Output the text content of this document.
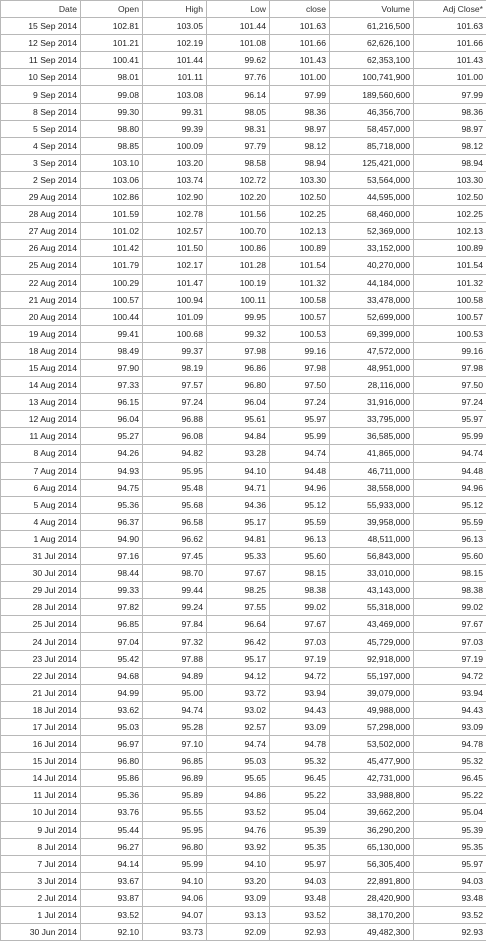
Date	Open	High	Low	close	Volume	Adj Close*
15 Sep 2014	102.81	103.05	101.44	101.63	61,216,500	101.63
12 Sep 2014	101.21	102.19	101.08	101.66	62,626,100	101.66
11 Sep 2014	100.41	101.44	99.62	101.43	62,353,100	101.43
10 Sep 2014	98.01	101.11	97.76	101.00	100,741,900	101.00
9 Sep 2014	99.08	103.08	96.14	97.99	189,560,600	97.99
8 Sep 2014	99.30	99.31	98.05	98.36	46,356,700	98.36
5 Sep 2014	98.80	99.39	98.31	98.97	58,457,000	98.97
4 Sep 2014	98.85	100.09	97.79	98.12	85,718,000	98.12
3 Sep 2014	103.10	103.20	98.58	98.94	125,421,000	98.94
2 Sep 2014	103.06	103.74	102.72	103.30	53,564,000	103.30
29 Aug 2014	102.86	102.90	102.20	102.50	44,595,000	102.50
28 Aug 2014	101.59	102.78	101.56	102.25	68,460,000	102.25
27 Aug 2014	101.02	102.57	100.70	102.13	52,369,000	102.13
26 Aug 2014	101.42	101.50	100.86	100.89	33,152,000	100.89
25 Aug 2014	101.79	102.17	101.28	101.54	40,270,000	101.54
22 Aug 2014	100.29	101.47	100.19	101.32	44,184,000	101.32
21 Aug 2014	100.57	100.94	100.11	100.58	33,478,000	100.58
20 Aug 2014	100.44	101.09	99.95	100.57	52,699,000	100.57
19 Aug 2014	99.41	100.68	99.32	100.53	69,399,000	100.53
18 Aug 2014	98.49	99.37	97.98	99.16	47,572,000	99.16
15 Aug 2014	97.90	98.19	96.86	97.98	48,951,000	97.98
14 Aug 2014	97.33	97.57	96.80	97.50	28,116,000	97.50
13 Aug 2014	96.15	97.24	96.04	97.24	31,916,000	97.24
12 Aug 2014	96.04	96.88	95.61	95.97	33,795,000	95.97
11 Aug 2014	95.27	96.08	94.84	95.99	36,585,000	95.99
8 Aug 2014	94.26	94.82	93.28	94.74	41,865,000	94.74
7 Aug 2014	94.93	95.95	94.10	94.48	46,711,000	94.48
6 Aug 2014	94.75	95.48	94.71	94.96	38,558,000	94.96
5 Aug 2014	95.36	95.68	94.36	95.12	55,933,000	95.12
4 Aug 2014	96.37	96.58	95.17	95.59	39,958,000	95.59
1 Aug 2014	94.90	96.62	94.81	96.13	48,511,000	96.13
31 Jul 2014	97.16	97.45	95.33	95.60	56,843,000	95.60
30 Jul 2014	98.44	98.70	97.67	98.15	33,010,000	98.15
29 Jul 2014	99.33	99.44	98.25	98.38	43,143,000	98.38
28 Jul 2014	97.82	99.24	97.55	99.02	55,318,000	99.02
25 Jul 2014	96.85	97.84	96.64	97.67	43,469,000	97.67
24 Jul 2014	97.04	97.32	96.42	97.03	45,729,000	97.03
23 Jul 2014	95.42	97.88	95.17	97.19	92,918,000	97.19
22 Jul 2014	94.68	94.89	94.12	94.72	55,197,000	94.72
21 Jul 2014	94.99	95.00	93.72	93.94	39,079,000	93.94
18 Jul 2014	93.62	94.74	93.02	94.43	49,988,000	94.43
17 Jul 2014	95.03	95.28	92.57	93.09	57,298,000	93.09
16 Jul 2014	96.97	97.10	94.74	94.78	53,502,000	94.78
15 Jul 2014	96.80	96.85	95.03	95.32	45,477,900	95.32
14 Jul 2014	95.86	96.89	95.65	96.45	42,731,000	96.45
11 Jul 2014	95.36	95.89	94.86	95.22	33,988,800	95.22
10 Jul 2014	93.76	95.55	93.52	95.04	39,662,200	95.04
9 Jul 2014	95.44	95.95	94.76	95.39	36,290,200	95.39
8 Jul 2014	96.27	96.80	93.92	95.35	65,130,000	95.35
7 Jul 2014	94.14	95.99	94.10	95.97	56,305,400	95.97
3 Jul 2014	93.67	94.10	93.20	94.03	22,891,800	94.03
2 Jul 2014	93.87	94.06	93.09	93.48	28,420,900	93.48
1 Jul 2014	93.52	94.07	93.13	93.52	38,170,200	93.52
30 Jun 2014	92.10	93.73	92.09	92.93	49,482,300	92.93
